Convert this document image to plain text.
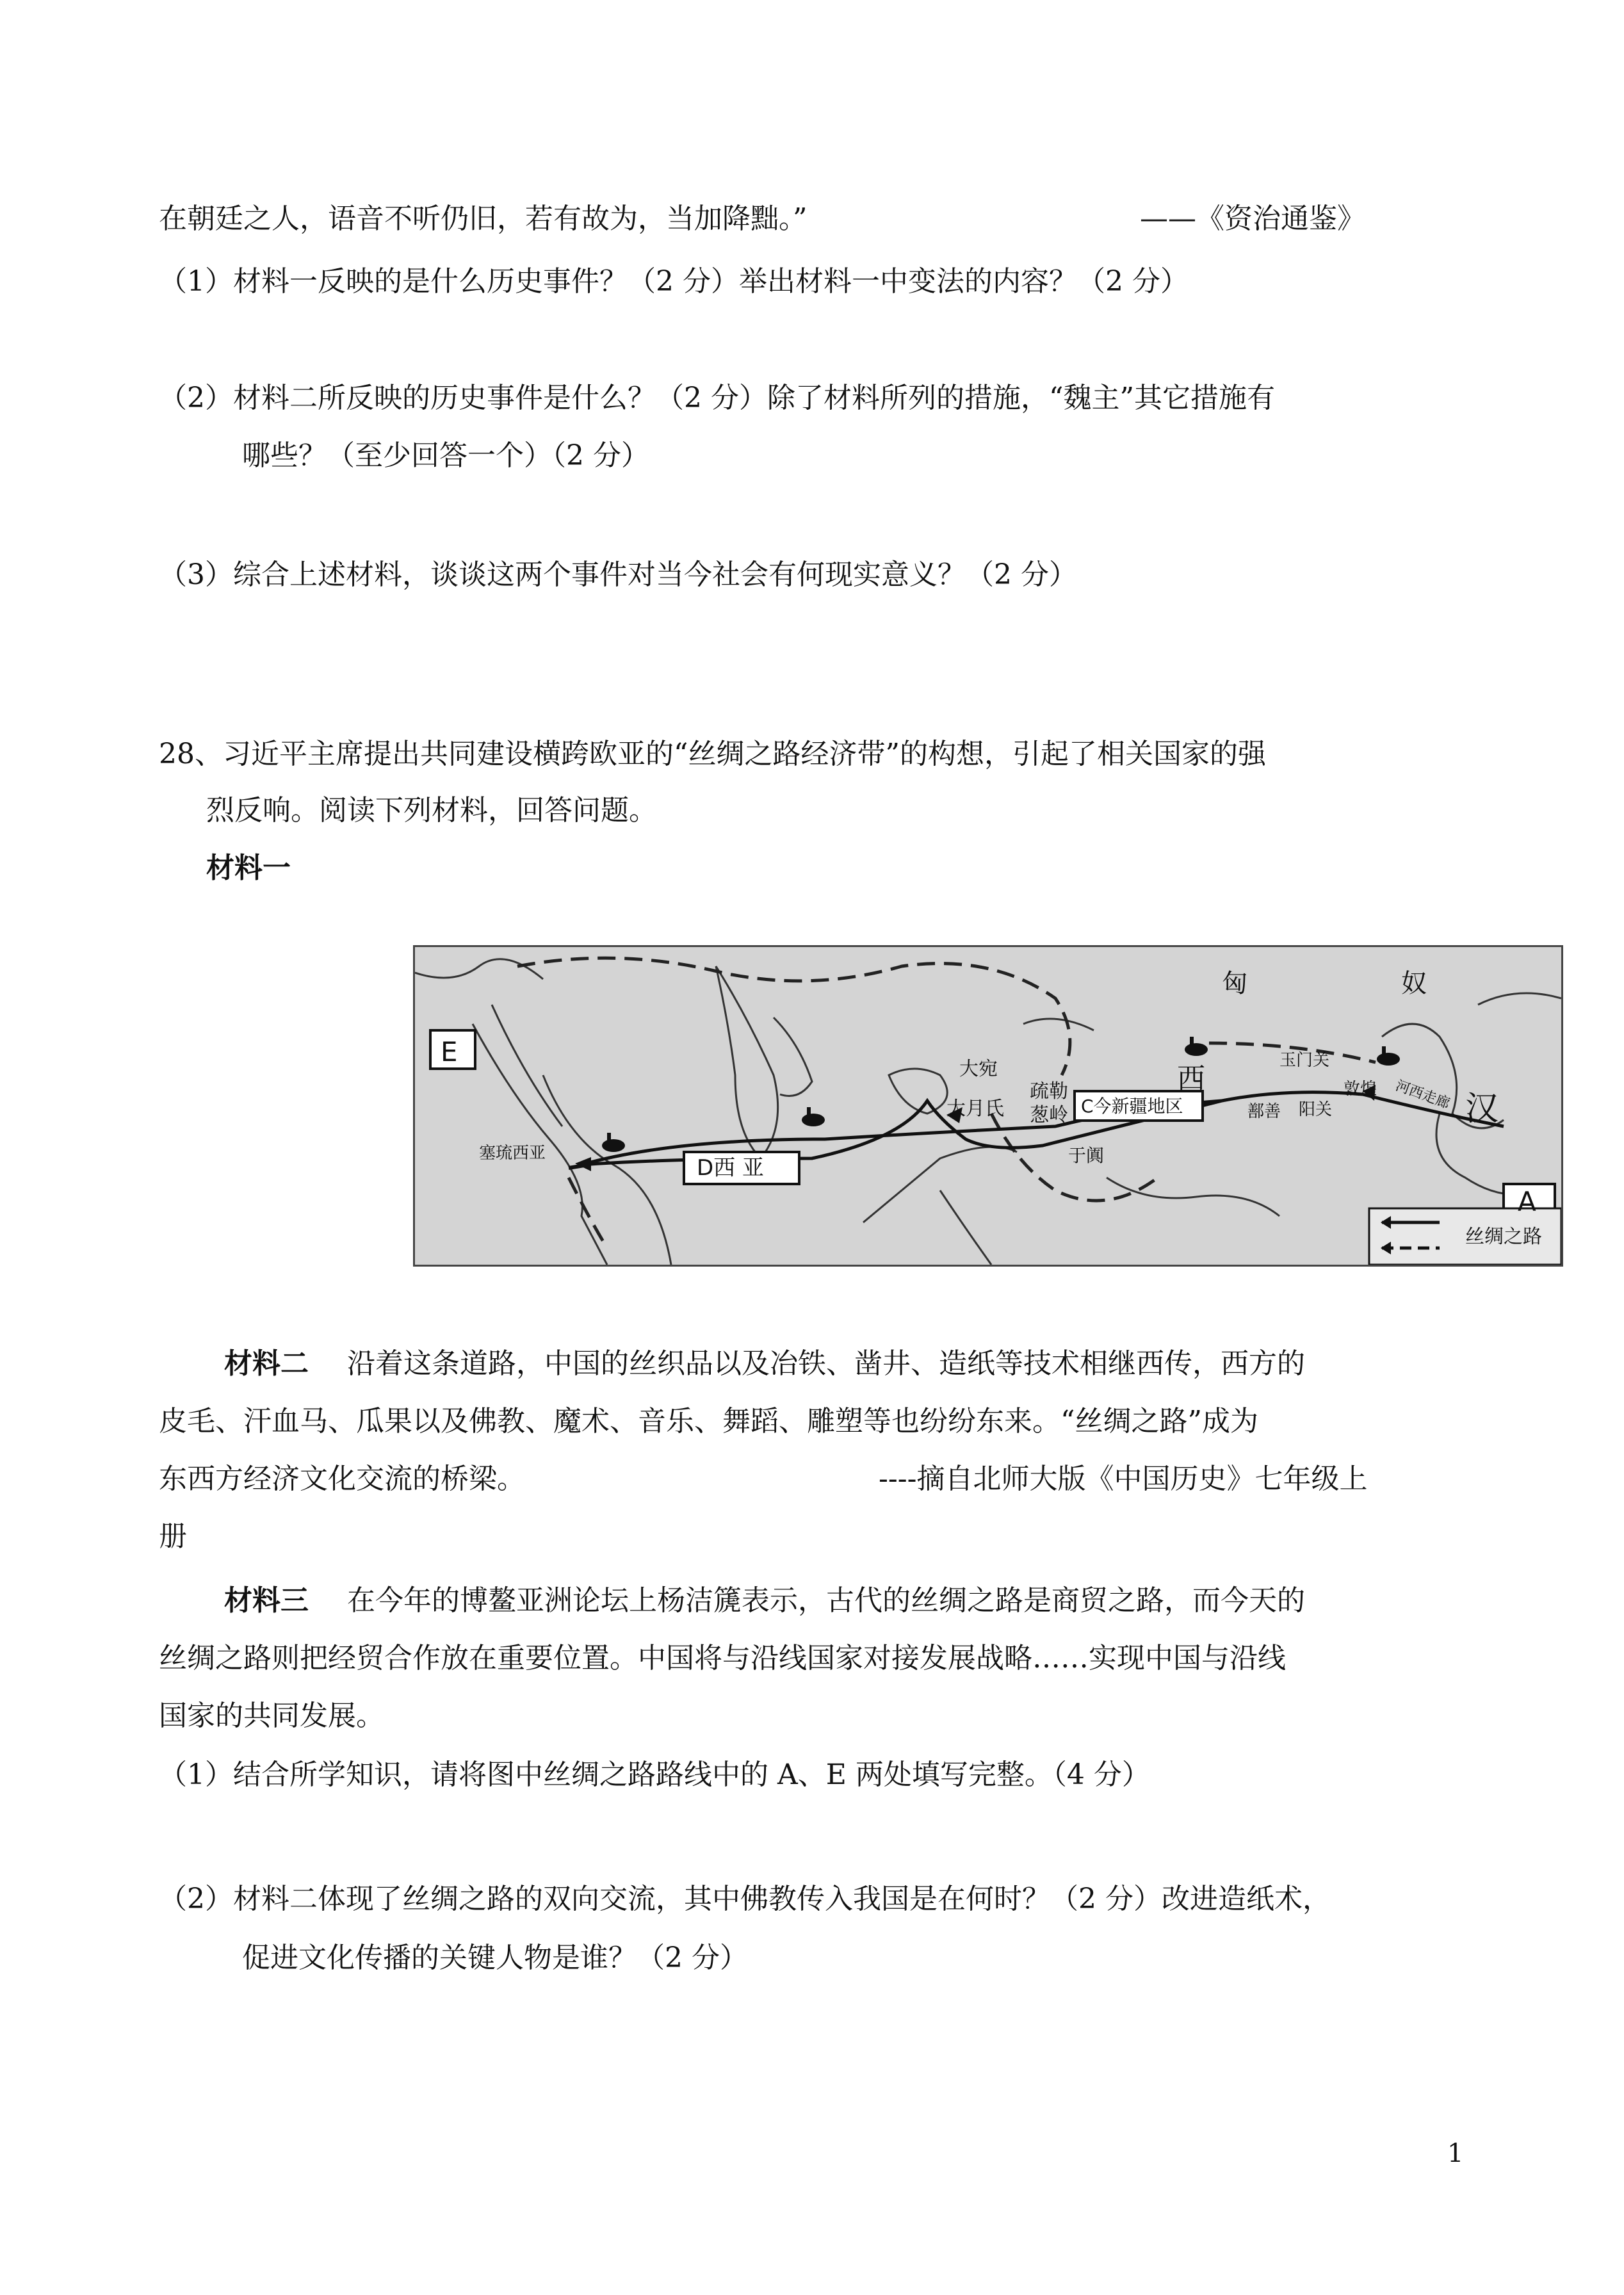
在朝廷之人，语音不听仍旧，若有故为，当加降黜。”	——《资治通鉴》
（1）材料一反映的是什么历史事件？（2 分）举出材料一中变法的内容？（2 分）
（2）材料二所反映的历史事件是什么？（2 分）除了材料所列的措施，“魏主”其它措施有
哪些？（至少回答一个）（2 分）
（3）综合上述材料，谈谈这两个事件对当今社会有何现实意义？（2 分）
28、习近平主席提出共同建设横跨欧亚的“丝绸之路经济带”的构想，引起了相关国家的强
烈反响。阅读下列材料，回答问题。
材料一
匈	奴
E
A
汉
西
大宛
疏勒
大月氏 葱岭
于阗
C今新疆地区
D西 亚
玉门关
阳关
敦煌
鄯善	河西走廊
塞琉西亚
丝绸之路
材料二 沿着这条道路，中国的丝织品以及冶铁、凿井、造纸等技术相继西传，西方的
皮毛、汗血马、瓜果以及佛教、魔术、音乐、舞蹈、雕塑等也纷纷东来。“丝绸之路”成为
东西方经济文化交流的桥梁。	----摘自北师大版《中国历史》七年级上
册
材料三 在今年的博鳌亚洲论坛上杨洁篪表示，古代的丝绸之路是商贸之路，而今天的
丝绸之路则把经贸合作放在重要位置。中国将与沿线国家对接发展战略……实现中国与沿线
国家的共同发展。
（1）结合所学知识，请将图中丝绸之路路线中的 A、E 两处填写完整。（4 分）
（2）材料二体现了丝绸之路的双向交流，其中佛教传入我国是在何时？（2 分）改进造纸术，
促进文化传播的关键人物是谁？（2 分）
1
